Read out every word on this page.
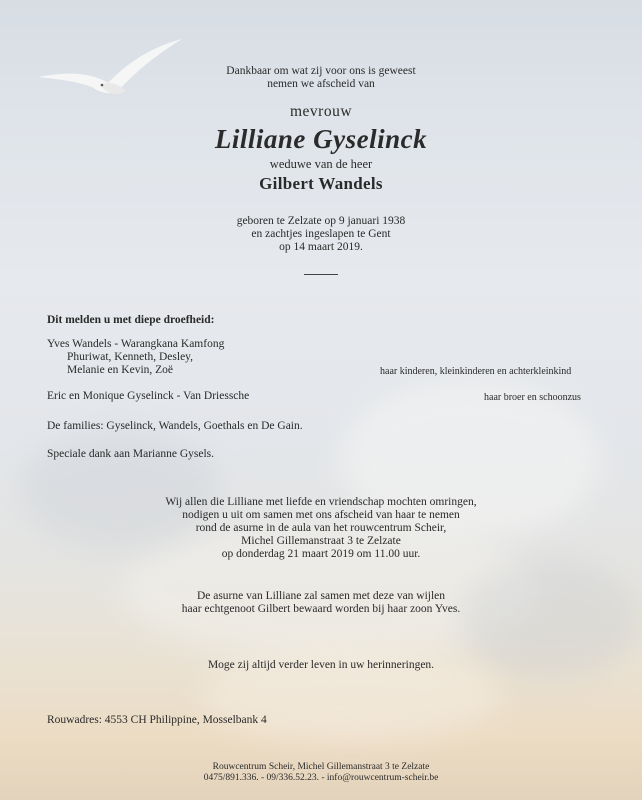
Dankbaar om wat zij voor ons is geweest
nemen we afscheid van
mevrouw
Lilliane Gyselinck
weduwe van de heer
Gilbert Wandels
geboren te Zelzate op 9 januari 1938
en zachtjes ingeslapen te Gent
op 14 maart 2019.
Dit melden u met diepe droefheid:
Yves Wandels - Warangkana Kamfong
Phuriwat, Kenneth, Desley,
Melanie en Kevin, Zoë	haar kinderen, kleinkinderen en achterkleinkind
Eric en Monique Gyselinck - Van Driessche	haar broer en schoonzus
De families: Gyselinck, Wandels, Goethals en De Gain.
Speciale dank aan Marianne Gysels.
Wij allen die Lilliane met liefde en vriendschap mochten omringen,
nodigen u uit om samen met ons afscheid van haar te nemen
rond de asurne in de aula van het rouwcentrum Scheir,
Michel Gillemanstraat 3 te Zelzate
op donderdag 21 maart 2019 om 11.00 uur.
De asurne van Lilliane zal samen met deze van wijlen
haar echtgenoot Gilbert bewaard worden bij haar zoon Yves.
Moge zij altijd verder leven in uw herinneringen.
Rouwadres: 4553 CH Philippine, Mosselbank 4
Rouwcentrum Scheir, Michel Gillemanstraat 3 te Zelzate
0475/891.336. - 09/336.52.23. - info@rouwcentrum-scheir.be
